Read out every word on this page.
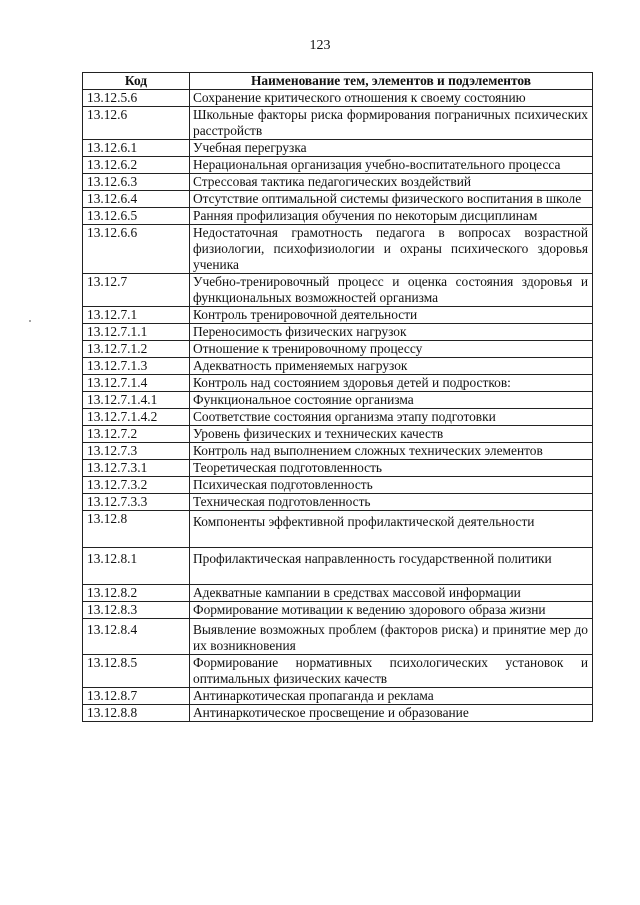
123
Код	Наименование тем, элементов и подэлементов
13.12.5.6	Сохранение критического отношения к своему состоянию
13.12.6	Школьные факторы риска формирования пограничных психических расстройств
13.12.6.1	Учебная перегрузка
13.12.6.2	Нерациональная организация учебно-воспитательного процесса
13.12.6.3	Стрессовая тактика педагогических воздействий
13.12.6.4	Отсутствие оптимальной системы физического воспитания в школе
13.12.6.5	Ранняя профилизация обучения по некоторым дисциплинам
13.12.6.6	Недостаточная грамотность педагога в вопросах возрастной физиологии, психофизиологии и охраны психического здоровья ученика
13.12.7	Учебно-тренировочный процесс и оценка состояния здоровья и функциональных возможностей организма
13.12.7.1	Контроль тренировочной деятельности
13.12.7.1.1	Переносимость физических нагрузок
13.12.7.1.2	Отношение к тренировочному процессу
13.12.7.1.3	Адекватность применяемых нагрузок
13.12.7.1.4	Контроль над состоянием здоровья детей и подростков:
13.12.7.1.4.1	Функциональное состояние организма
13.12.7.1.4.2	Соответствие состояния организма этапу подготовки
13.12.7.2	Уровень физических и технических качеств
13.12.7.3	Контроль над выполнением сложных технических элементов
13.12.7.3.1	Теоретическая подготовленность
13.12.7.3.2	Психическая подготовленность
13.12.7.3.3	Техническая подготовленность
13.12.8	Компоненты эффективной профилактической деятельности
13.12.8.1	Профилактическая направленность государственной политики
13.12.8.2	Адекватные кампании в средствах массовой информации
13.12.8.3	Формирование мотивации к ведению здорового образа жизни
13.12.8.4	Выявление возможных проблем (факторов риска) и принятие мер до их возникновения
13.12.8.5	Формирование нормативных психологических установок и оптимальных физических качеств
13.12.8.7	Антинаркотическая пропаганда и реклама
13.12.8.8	Антинаркотическое просвещение и образование
